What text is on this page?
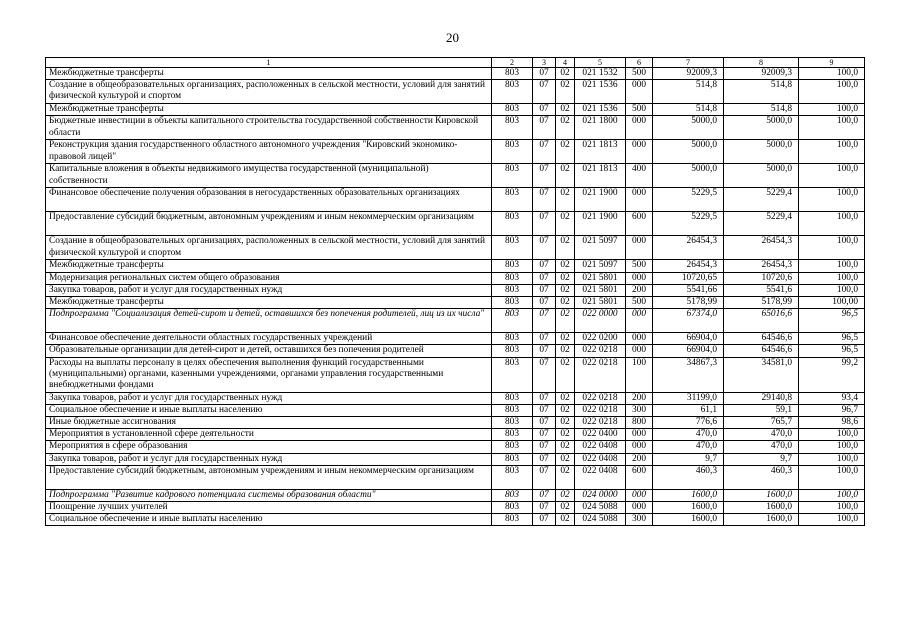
20
1	2	3	4	5	6	7	8	9
Межбюджетные трансферты	803	07	02	021 1532	500	92009,3	92009,3	100,0
Создание в общеобразовательных организациях, расположенных в сельской местности, условий для занятий физической культурой и спортом	803	07	02	021 1536	000	514,8	514,8	100,0
Межбюджетные трансферты	803	07	02	021 1536	500	514,8	514,8	100,0
Бюджетные инвестиции в объекты капитального строительства государственной собственности Кировской области	803	07	02	021 1800	000	5000,0	5000,0	100,0
Реконструкция здания государственного областного автономного учреждения "Кировский экономико-правовой лицей"	803	07	02	021 1813	000	5000,0	5000,0	100,0
Капитальные вложения в объекты недвижимого имущества государственной (муниципальной) собственности	803	07	02	021 1813	400	5000,0	5000,0	100,0
Финансовое обеспечение получения образования в негосударственных образовательных организациях	803	07	02	021 1900	000	5229,5	5229,4	100,0
Предоставление субсидий бюджетным, автономным учреждениям и иным некоммерческим организациям	803	07	02	021 1900	600	5229,5	5229,4	100,0
Создание в общеобразовательных организациях, расположенных в сельской местности, условий для занятий физической культурой и спортом	803	07	02	021 5097	000	26454,3	26454,3	100,0
Межбюджетные трансферты	803	07	02	021 5097	500	26454,3	26454,3	100,0
Модернизация региональных систем общего образования	803	07	02	021 5801	000	10720,65	10720,6	100,0
Закупка товаров, работ и услуг для государственных нужд	803	07	02	021 5801	200	5541,66	5541,6	100,0
Межбюджетные трансферты	803	07	02	021 5801	500	5178,99	5178,99	100,00
Подпрограмма "Социализация детей-сирот и детей, оставшихся без попечения родителей, лиц из их числа"	803	07	02	022 0000	000	67374,0	65016,6	96,5
Финансовое обеспечение деятельности областных государственных учреждений	803	07	02	022 0200	000	66904,0	64546,6	96,5
Образовательные организации для детей-сирот и детей, оставшихся без попечения родителей	803	07	02	022 0218	000	66904,0	64546,6	96,5
Расходы на выплаты персоналу в целях обеспечения выполнения функций государственными (муниципальными) органами, казенными учреждениями, органами управления государственными внебюджетными фондами	803	07	02	022 0218	100	34867,3	34581,0	99,2
Закупка товаров, работ и услуг для государственных нужд	803	07	02	022 0218	200	31199,0	29140,8	93,4
Социальное обеспечение и иные выплаты населению	803	07	02	022 0218	300	61,1	59,1	96,7
Иные бюджетные ассигнования	803	07	02	022 0218	800	776,6	765,7	98,6
Мероприятия в установленной сфере деятельности	803	07	02	022 0400	000	470,0	470,0	100,0
Мероприятия в сфере образования	803	07	02	022 0408	000	470,0	470,0	100,0
Закупка товаров, работ и услуг для государственных нужд	803	07	02	022 0408	200	9,7	9,7	100,0
Предоставление субсидий бюджетным, автономным учреждениям и иным некоммерческим организациям	803	07	02	022 0408	600	460,3	460,3	100,0
Подпрограмма "Развитие кадрового потенциала системы образования области"	803	07	02	024 0000	000	1600,0	1600,0	100,0
Поощрение лучших учителей	803	07	02	024 5088	000	1600,0	1600,0	100,0
Социальное обеспечение и иные выплаты населению	803	07	02	024 5088	300	1600,0	1600,0	100,0
